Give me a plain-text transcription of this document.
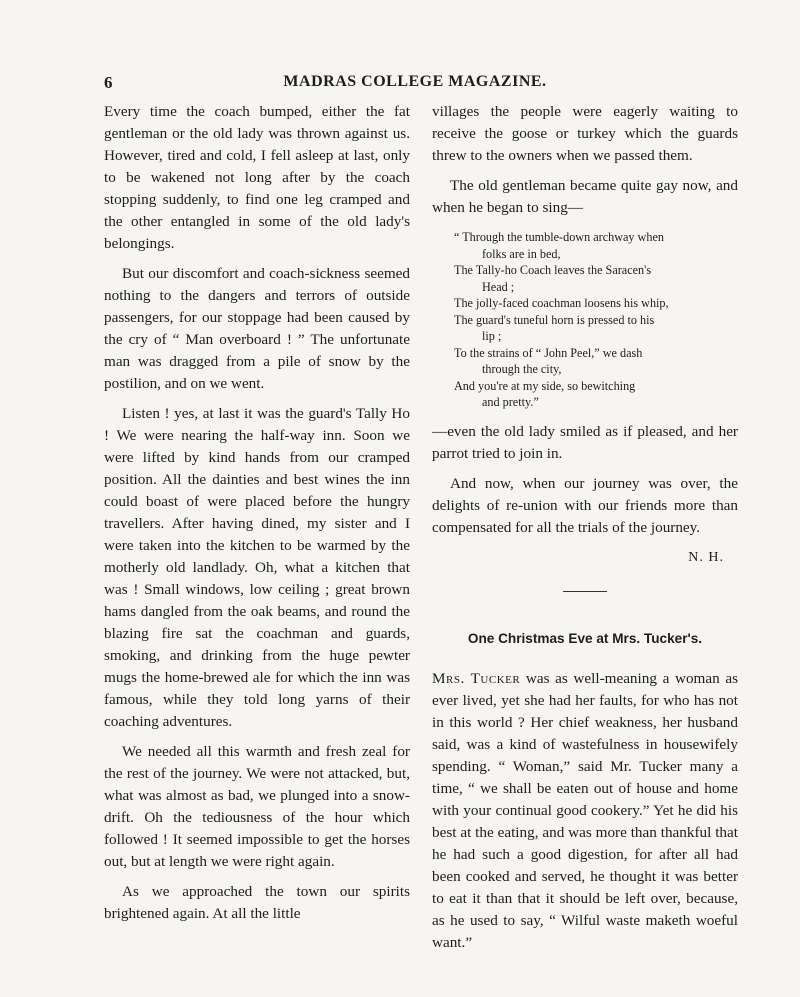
6	MADRAS COLLEGE MAGAZINE.

Every time the coach bumped, either the fat gentleman or the old lady was thrown against us. However, tired and cold, I fell asleep at last, only to be wakened not long after by the coach stopping suddenly, to find one leg cramped and the other entangled in some of the old lady's belongings.

But our discomfort and coach-sickness seemed nothing to the dangers and terrors of outside passengers, for our stoppage had been caused by the cry of “ Man overboard ! ” The unfortunate man was dragged from a pile of snow by the postilion, and on we went.

Listen ! yes, at last it was the guard's Tally Ho ! We were nearing the half-way inn. Soon we were lifted by kind hands from our cramped position. All the dainties and best wines the inn could boast of were placed before the hungry travellers. After having dined, my sister and I were taken into the kitchen to be warmed by the motherly old landlady. Oh, what a kitchen that was ! Small windows, low ceiling ; great brown hams dangled from the oak beams, and round the blazing fire sat the coachman and guards, smoking, and drinking from the huge pewter mugs the home-brewed ale for which the inn was famous, while they told long yarns of their coaching adventures.

We needed all this warmth and fresh zeal for the rest of the journey. We were not attacked, but, what was almost as bad, we plunged into a snow-drift. Oh the tediousness of the hour which followed ! It seemed impossible to get the horses out, but at length we were right again.

As we approached the town our spirits brightened again. At all the little

villages the people were eagerly waiting to receive the goose or turkey which the guards threw to the owners when we passed them.

The old gentleman became quite gay now, and when he began to sing—

“ Through the tumble-down archway when
folks are in bed,
The Tally-ho Coach leaves the Saracen's
Head ;
The jolly-faced coachman loosens his whip,
The guard's tuneful horn is pressed to his
lip ;
To the strains of “ John Peel,” we dash
through the city,
And you're at my side, so bewitching
and pretty.”

—even the old lady smiled as if pleased, and her parrot tried to join in.

And now, when our journey was over, the delights of re-union with our friends more than compensated for all the trials of the journey.

N. H.
One Christmas Eve at Mrs. Tucker's.

Mrs. Tucker was as well-meaning a woman as ever lived, yet she had her faults, for who has not in this world ? Her chief weakness, her husband said, was a kind of wastefulness in housewifely spending. “ Woman,” said Mr. Tucker many a time, “ we shall be eaten out of house and home with your continual good cookery.” Yet he did his best at the eating, and was more than thankful that he had such a good digestion, for after all had been cooked and served, he thought it was better to eat it than that it should be left over, because, as he used to say, “ Wilful waste maketh woeful want.”
